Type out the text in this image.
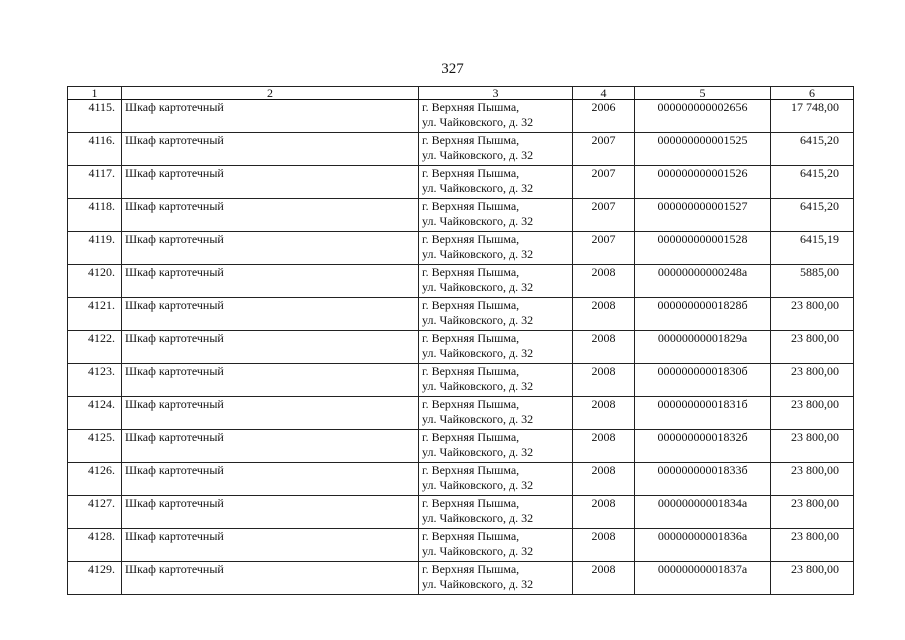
327
1	2	3	4	5	6
4115.	Шкаф картотечный	г. Верхняя Пышма,
ул. Чайковского, д. 32	2006	000000000002656	17 748,00
4116.	Шкаф картотечный	г. Верхняя Пышма,
ул. Чайковского, д. 32	2007	000000000001525	6415,20
4117.	Шкаф картотечный	г. Верхняя Пышма,
ул. Чайковского, д. 32	2007	000000000001526	6415,20
4118.	Шкаф картотечный	г. Верхняя Пышма,
ул. Чайковского, д. 32	2007	000000000001527	6415,20
4119.	Шкаф картотечный	г. Верхняя Пышма,
ул. Чайковского, д. 32	2007	000000000001528	6415,19
4120.	Шкаф картотечный	г. Верхняя Пышма,
ул. Чайковского, д. 32	2008	00000000000248а	5885,00
4121.	Шкаф картотечный	г. Верхняя Пышма,
ул. Чайковского, д. 32	2008	00000000001828б	23 800,00
4122.	Шкаф картотечный	г. Верхняя Пышма,
ул. Чайковского, д. 32	2008	00000000001829а	23 800,00
4123.	Шкаф картотечный	г. Верхняя Пышма,
ул. Чайковского, д. 32	2008	00000000001830б	23 800,00
4124.	Шкаф картотечный	г. Верхняя Пышма,
ул. Чайковского, д. 32	2008	00000000001831б	23 800,00
4125.	Шкаф картотечный	г. Верхняя Пышма,
ул. Чайковского, д. 32	2008	00000000001832б	23 800,00
4126.	Шкаф картотечный	г. Верхняя Пышма,
ул. Чайковского, д. 32	2008	00000000001833б	23 800,00
4127.	Шкаф картотечный	г. Верхняя Пышма,
ул. Чайковского, д. 32	2008	00000000001834а	23 800,00
4128.	Шкаф картотечный	г. Верхняя Пышма,
ул. Чайковского, д. 32	2008	00000000001836а	23 800,00
4129.	Шкаф картотечный	г. Верхняя Пышма,
ул. Чайковского, д. 32	2008	00000000001837а	23 800,00
